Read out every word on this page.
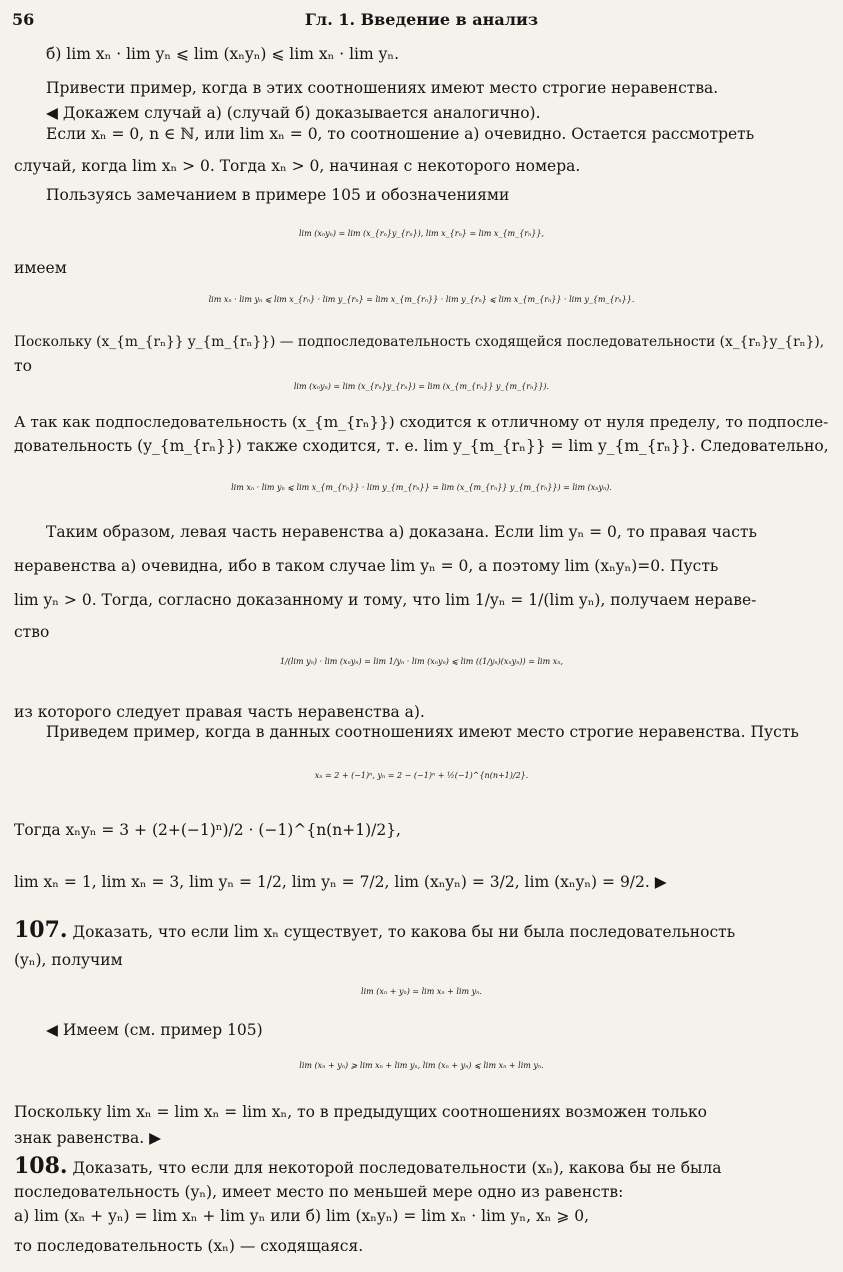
56	Гл. 1. Введение в анализ
б) lim xₙ · lim yₙ ⩽ lim (xₙyₙ) ⩽ lim xₙ · lim yₙ.
Привести пример, когда в этих соотношениях имеют место строгие неравенства.
◀ Докажем случай а) (случай б) доказывается аналогично).
Если xₙ = 0, n ∈ ℕ, или lim xₙ = 0, то соотношение а) очевидно. Остается рассмотреть
случай, когда lim xₙ > 0. Тогда xₙ > 0, начиная с некоторого номера.
Пользуясь замечанием в примере 105 и обозначениями
lim (xₙyₙ) = lim (x_{rₙ}y_{rₙ}), lim x_{rₙ} = lim x_{m_{rₙ}},
имеем
lim xₙ · lim yₙ ⩽ lim x_{rₙ} · lim y_{rₙ} = lim x_{m_{rₙ}} · lim y_{rₙ} ⩽ lim x_{m_{rₙ}} · lim y_{m_{rₙ}}.
Поскольку (x_{m_{rₙ}} y_{m_{rₙ}}) — подпоследовательность сходящейся последовательности (x_{rₙ}y_{rₙ}),
то
lim (xₙyₙ) = lim (x_{rₙ}y_{rₙ}) = lim (x_{m_{rₙ}} y_{m_{rₙ}}).
А так как подпоследовательность (x_{m_{rₙ}}) сходится к отличному от нуля пределу, то подпосле-
довательность (y_{m_{rₙ}}) также сходится, т. е. lim y_{m_{rₙ}} = lim y_{m_{rₙ}}. Следовательно,
lim xₙ · lim yₙ ⩽ lim x_{m_{rₙ}} · lim y_{m_{rₙ}} = lim (x_{m_{rₙ}} y_{m_{rₙ}}) = lim (xₙyₙ).
Таким образом, левая часть неравенства а) доказана. Если lim yₙ = 0, то правая часть
неравенства а) очевидна, ибо в таком случае lim yₙ = 0, а поэтому lim (xₙyₙ)=0. Пусть
lim yₙ > 0. Тогда, согласно доказанному и тому, что lim 1/yₙ = 1/(lim yₙ), получаем нераве-
ство
1/(lim yₙ) · lim (xₙyₙ) = lim 1/yₙ · lim (xₙyₙ) ⩽ lim ((1/yₙ)(xₙyₙ)) = lim xₙ,
из которого следует правая часть неравенства а).
Приведем пример, когда в данных соотношениях имеют место строгие неравенства. Пусть
xₙ = 2 + (−1)ⁿ, yₙ = 2 − (−1)ⁿ + ½(−1)^{n(n+1)/2}.
Тогда xₙyₙ = 3 + (2+(−1)ⁿ)/2 · (−1)^{n(n+1)/2},
lim xₙ = 1, lim xₙ = 3, lim yₙ = 1/2, lim yₙ = 7/2, lim (xₙyₙ) = 3/2, lim (xₙyₙ) = 9/2. ▶
107. Доказать, что если lim xₙ существует, то какова бы ни была последовательность
(yₙ), получим
lim (xₙ + yₙ) = lim xₙ + lim yₙ.
◀ Имеем (см. пример 105)
lim (xₙ + yₙ) ⩾ lim xₙ + lim yₙ, lim (xₙ + yₙ) ⩽ lim xₙ + lim yₙ.
Поскольку lim xₙ = lim xₙ = lim xₙ, то в предыдущих соотношениях возможен только
знак равенства. ▶
108. Доказать, что если для некоторой последовательности (xₙ), какова бы не была
последовательность (yₙ), имеет место по меньшей мере одно из равенств:
а) lim (xₙ + yₙ) = lim xₙ + lim yₙ или б) lim (xₙyₙ) = lim xₙ · lim yₙ, xₙ ⩾ 0,
то последовательность (xₙ) — сходящаяся.
